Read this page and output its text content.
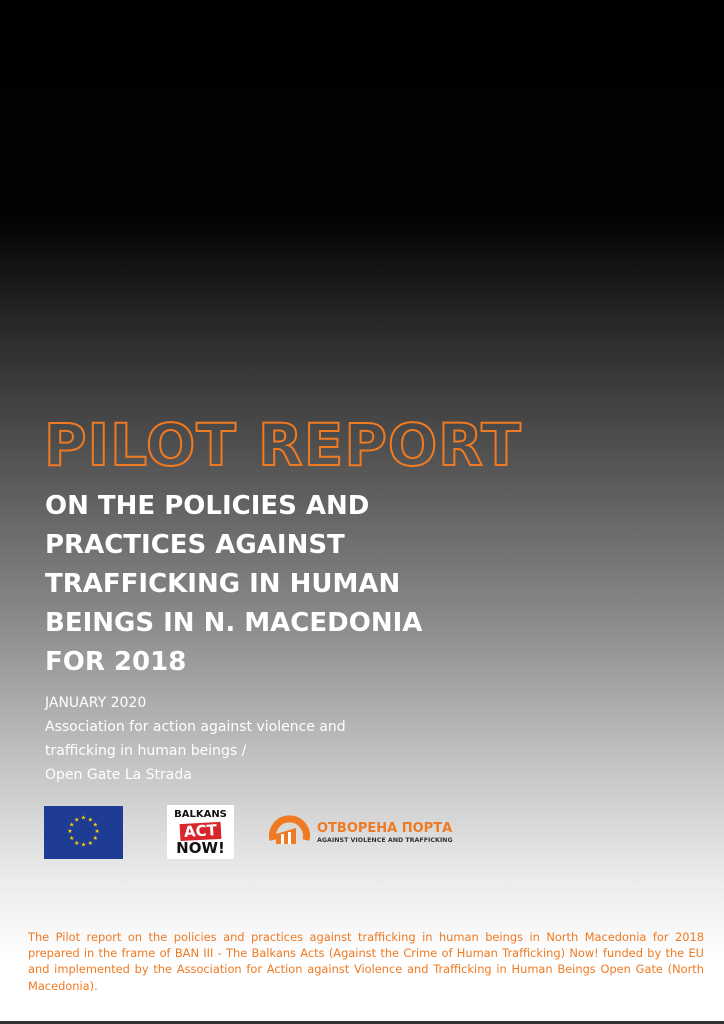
PILOT REPORT
ON THE POLICIES AND
PRACTICES AGAINST
TRAFFICKING IN HUMAN
BEINGS IN N. MACEDONIA
FOR 2018
JANUARY 2020
Association for action against violence and
trafficking in human beings /
Open Gate La Strada
★ ★
★
★
★
★
★
★
★
★
★
★	BALKANS
ACT
NOW!
ОТВОРЕНА ПОРТА
AGAINST VIOLENCE AND TRAFFICKING
The Pilot report on the policies and practices against trafficking in human beings in North Macedonia for 2018 prepared in the frame of BAN III - The Balkans Acts (Against the Crime of Human Trafficking) Now! funded by the EU and implemented by the Association for Action against Violence and Trafficking in Human Beings Open Gate (North Macedonia).
